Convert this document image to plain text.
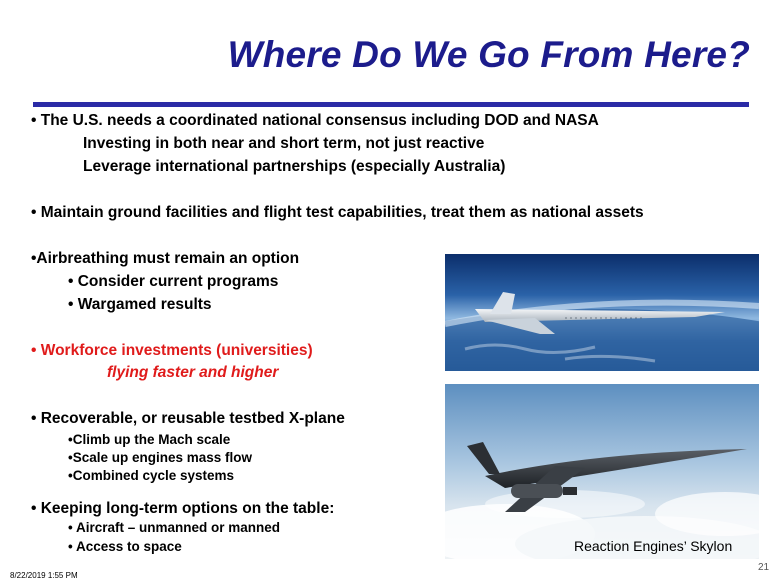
Where Do We Go From Here?
• The U.S. needs a coordinated national consensus including DOD and NASA
Investing in both near and short term, not just reactive
Leverage international partnerships (especially Australia)
• Maintain ground facilities and flight test capabilities, treat them as national assets
•Airbreathing must remain an option
• Consider current programs
• Wargamed results
• Workforce investments (universities)
flying faster and higher
• Recoverable, or reusable testbed X-plane
•Climb up the Mach scale
•Scale up engines mass flow
•Combined cycle systems
• Keeping long-term options on the table:
• Aircraft – unmanned or manned
• Access to space	Reaction Engines’ Skylon
8/22/2019 1:55 PM
21
